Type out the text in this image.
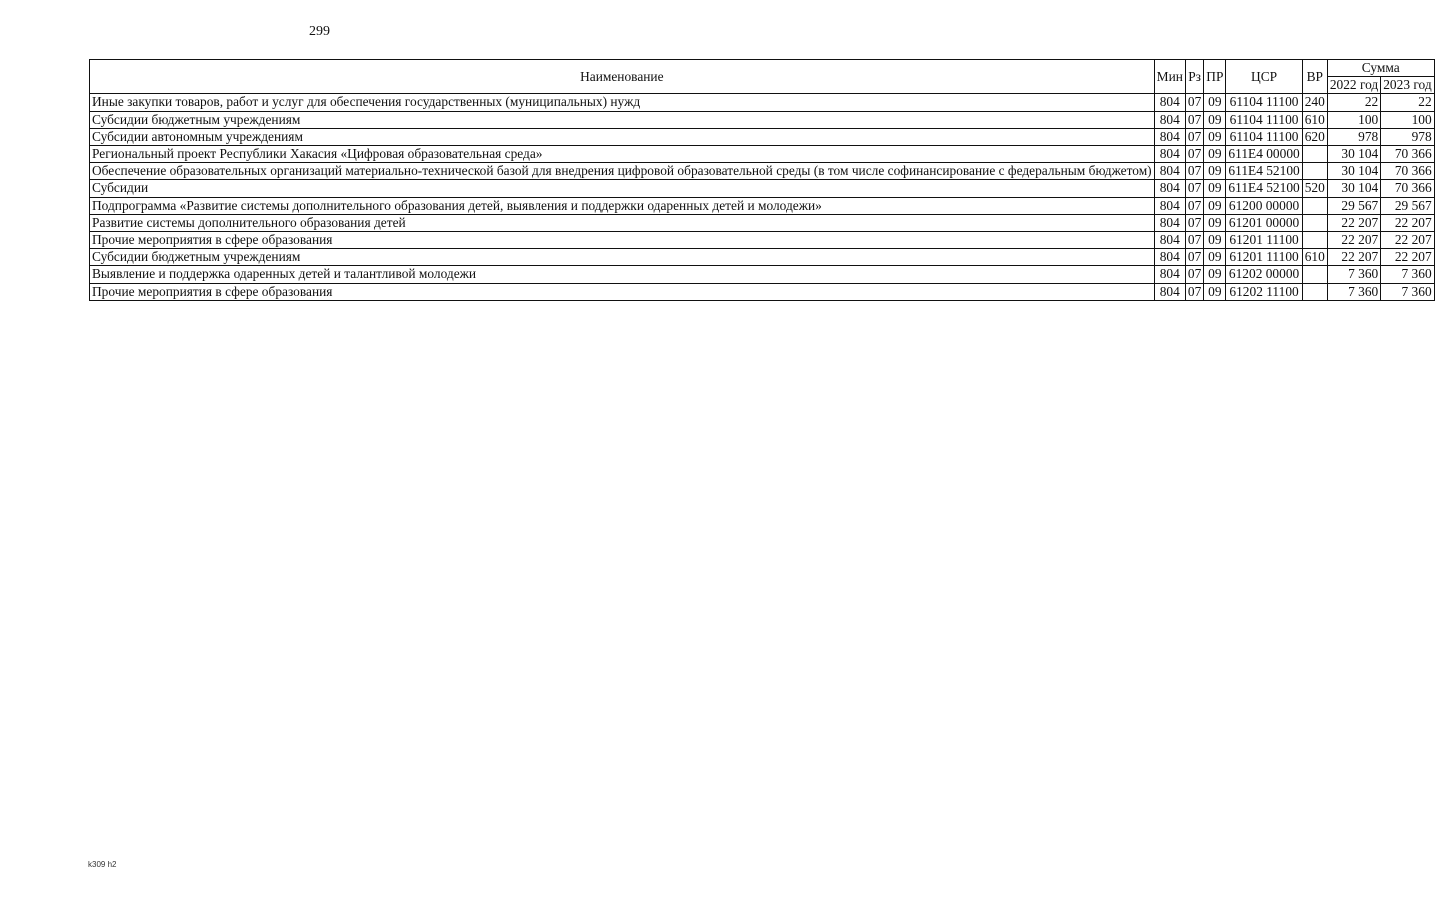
299
Наименование	Мин	Рз	ПР	ЦСР	ВР	Сумма	
						2022 год	2023 год
Иные закупки товаров, работ и услуг для обеспечения государственных (муниципальных) нужд	804	07	09	61104 11100	240	22	22
Субсидии бюджетным учреждениям	804	07	09	61104 11100	610	100	100
Субсидии автономным учреждениям	804	07	09	61104 11100	620	978	978
Региональный проект Республики Хакасия «Цифровая образовательная среда»	804	07	09	611Е4 00000		30 104	70 366
Обеспечение образовательных организаций материально-технической базой для внедрения цифровой образовательной среды (в том числе софинансирование с федеральным бюджетом)	804	07	09	611Е4 52100		30 104	70 366
Субсидии	804	07	09	611Е4 52100	520	30 104	70 366
Подпрограмма «Развитие системы дополнительного образования детей, выявления и поддержки одаренных детей и молодежи»	804	07	09	61200 00000		29 567	29 567
Развитие системы дополнительного образования детей	804	07	09	61201 00000		22 207	22 207
Прочие мероприятия в сфере образования	804	07	09	61201 11100		22 207	22 207
Субсидии бюджетным учреждениям	804	07	09	61201 11100	610	22 207	22 207
Выявление и поддержка одаренных детей и талантливой молодежи	804	07	09	61202 00000		7 360	7 360
Прочие мероприятия в сфере образования	804	07	09	61202 11100		7 360	7 360
k309 h2
